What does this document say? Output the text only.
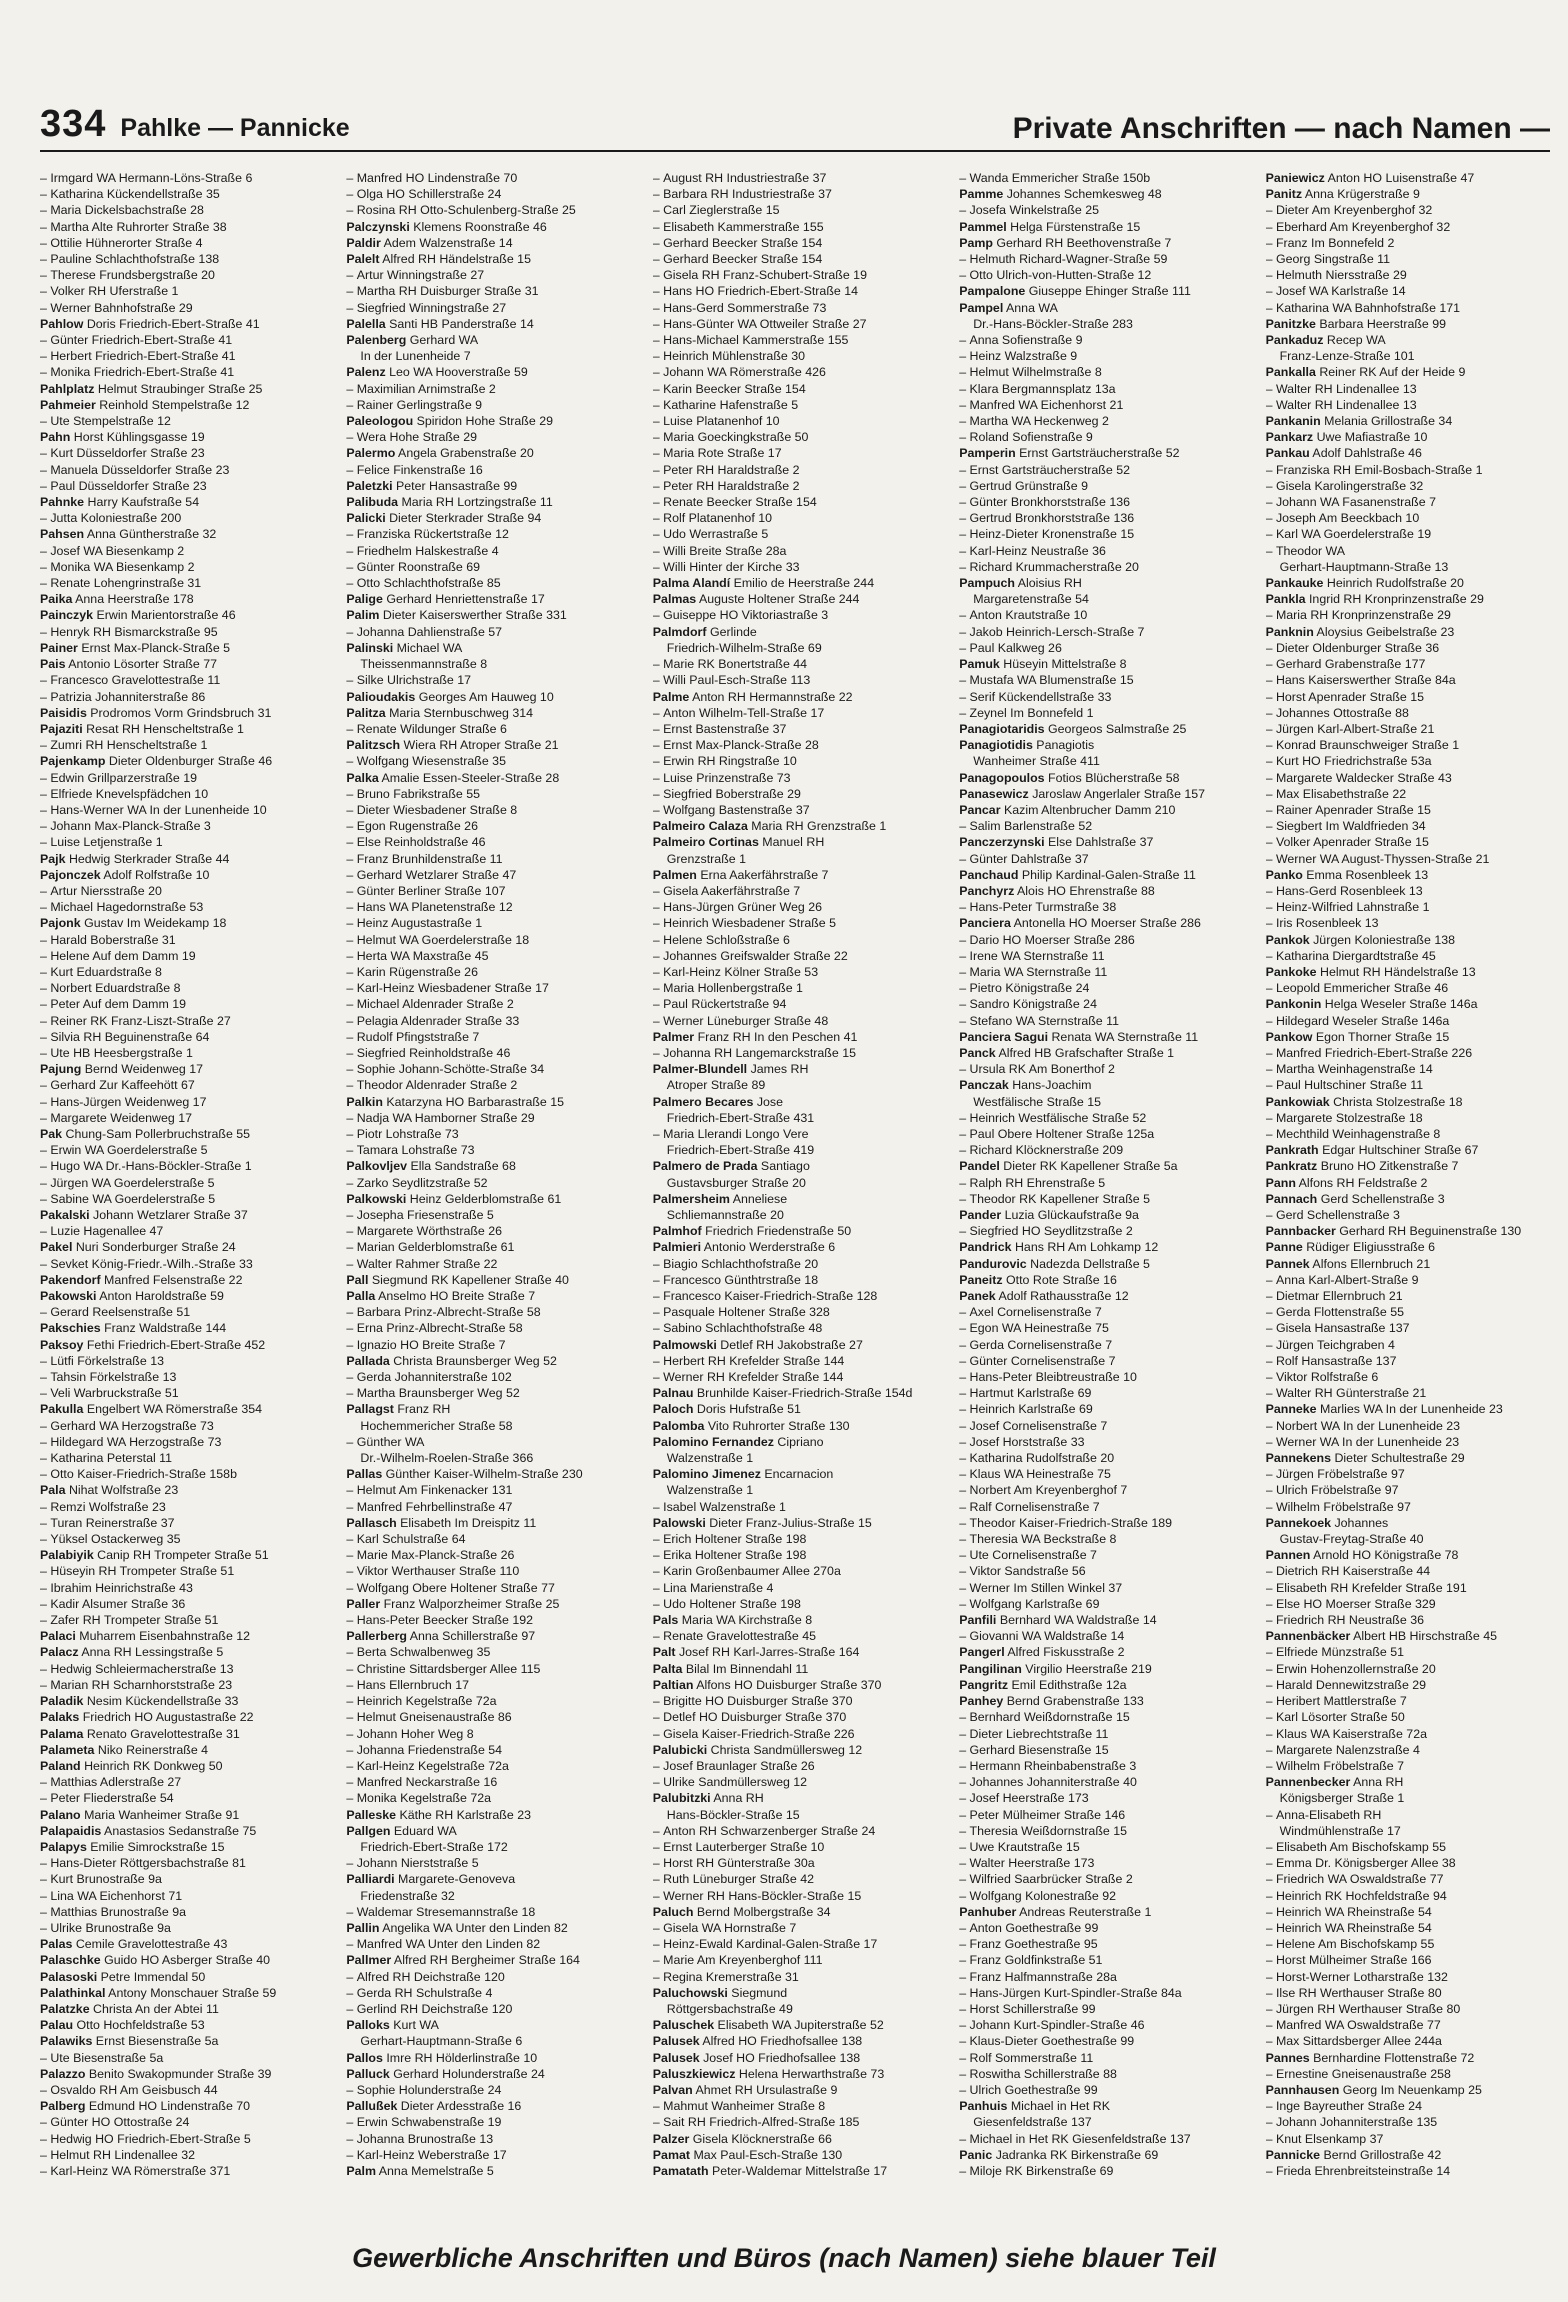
334 Pahlke — Pannicke	Private Anschriften — nach Namen —
– Irmgard WA Hermann-Löns-Straße 6
– Katharina Kückendellstraße 35
– Maria Dickelsbachstraße 28
– Martha Alte Ruhrorter Straße 38
– Ottilie Hühnerorter Straße 4
– Pauline Schlachthofstraße 138
– Therese Frundsbergstraße 20
– Volker RH Uferstraße 1
– Werner Bahnhofstraße 29
Pahlow Doris Friedrich-Ebert-Straße 41
– Günter Friedrich-Ebert-Straße 41
– Herbert Friedrich-Ebert-Straße 41
– Monika Friedrich-Ebert-Straße 41
Pahlplatz Helmut Straubinger Straße 25
Pahmeier Reinhold Stempelstraße 12
– Ute Stempelstraße 12
Pahn Horst Kühlingsgasse 19
– Kurt Düsseldorfer Straße 23
– Manuela Düsseldorfer Straße 23
– Paul Düsseldorfer Straße 23
Pahnke Harry Kaufstraße 54
– Jutta Koloniestraße 200
Pahsen Anna Güntherstraße 32
– Josef WA Biesenkamp 2
– Monika WA Biesenkamp 2
– Renate Lohengrinstraße 31
Paika Anna Heerstraße 178
Painczyk Erwin Marientorstraße 46
– Henryk RH Bismarckstraße 95
Painer Ernst Max-Planck-Straße 5
Pais Antonio Lösorter Straße 77
– Francesco Gravelottestraße 11
– Patrizia Johanniterstraße 86
Paisidis Prodromos Vorm Grindsbruch 31
Pajaziti Resat RH Henscheltstraße 1
– Zumri RH Henscheltstraße 1
Pajenkamp Dieter Oldenburger Straße 46
– Edwin Grillparzerstraße 19
– Elfriede Knevelspfädchen 10
– Hans-Werner WA In der Lunenheide 10
– Johann Max-Planck-Straße 3
– Luise Letjenstraße 1
Pajk Hedwig Sterkrader Straße 44
Pajonczek Adolf Rolfstraße 10
– Artur Niersstraße 20
– Michael Hagedornstraße 53
Pajonk Gustav Im Weidekamp 18
– Harald Boberstraße 31
– Helene Auf dem Damm 19
– Kurt Eduardstraße 8
– Norbert Eduardstraße 8
– Peter Auf dem Damm 19
– Reiner RK Franz-Liszt-Straße 27
– Silvia RH Beguinenstraße 64
– Ute HB Heesbergstraße 1
Pajung Bernd Weidenweg 17
– Gerhard Zur Kaffeehött 67
– Hans-Jürgen Weidenweg 17
– Margarete Weidenweg 17
Pak Chung-Sam Pollerbruchstraße 55
– Erwin WA Goerdelerstraße 5
– Hugo WA Dr.-Hans-Böckler-Straße 1
– Jürgen WA Goerdelerstraße 5
– Sabine WA Goerdelerstraße 5
Pakalski Johann Wetzlarer Straße 37
– Luzie Hagenallee 47
Pakel Nuri Sonderburger Straße 24
– Sevket König-Friedr.-Wilh.-Straße 33
Pakendorf Manfred Felsenstraße 22
Pakowski Anton Haroldstraße 59
– Gerard Reelsenstraße 51
Pakschies Franz Waldstraße 144
Paksoy Fethi Friedrich-Ebert-Straße 452
– Lütfi Förkelstraße 13
– Tahsin Förkelstraße 13
– Veli Warbruckstraße 51
Pakulla Engelbert WA Römerstraße 354
– Gerhard WA Herzogstraße 73
– Hildegard WA Herzogstraße 73
– Katharina Peterstal 11
– Otto Kaiser-Friedrich-Straße 158b
Pala Nihat Wolfstraße 23
– Remzi Wolfstraße 23
– Turan Reinerstraße 37
– Yüksel Ostackerweg 35
Palabiyik Canip RH Trompeter Straße 51
– Hüseyin RH Trompeter Straße 51
– Ibrahim Heinrichstraße 43
– Kadir Alsumer Straße 36
– Zafer RH Trompeter Straße 51
Palaci Muharrem Eisenbahnstraße 12
Palacz Anna RH Lessingstraße 5
– Hedwig Schleiermacherstraße 13
– Marian RH Scharnhorststraße 23
Paladik Nesim Kückendellstraße 33
Palaks Friedrich HO Augustastraße 22
Palama Renato Gravelottestraße 31
Palameta Niko Reinerstraße 4
Paland Heinrich RK Donkweg 50
– Matthias Adlerstraße 27
– Peter Fliederstraße 54
Palano Maria Wanheimer Straße 91
Palapaidis Anastasios Sedanstraße 75
Palapys Emilie Simrockstraße 15
– Hans-Dieter Röttgersbachstraße 81
– Kurt Brunostraße 9a
– Lina WA Eichenhorst 71
– Matthias Brunostraße 9a
– Ulrike Brunostraße 9a
Palas Cemile Gravelottestraße 43
Palaschke Guido HO Asberger Straße 40
Palasoski Petre Immendal 50
Palathinkal Antony Monschauer Straße 59
Palatzke Christa An der Abtei 11
Palau Otto Hochfeldstraße 53
Palawiks Ernst Biesenstraße 5a
– Ute Biesenstraße 5a
Palazzo Benito Swakopmunder Straße 39
– Osvaldo RH Am Geisbusch 44
Palberg Edmund HO Lindenstraße 70
– Günter HO Ottostraße 24
– Hedwig HO Friedrich-Ebert-Straße 5
– Helmut RH Lindenallee 32
– Karl-Heinz WA Römerstraße 371
– Manfred HO Lindenstraße 70
– Olga HO Schillerstraße 24
– Rosina RH Otto-Schulenberg-Straße 25
Palczynski Klemens Roonstraße 46
Paldir Adem Walzenstraße 14
Palelt Alfred RH Händelstraße 15
– Artur Winningstraße 27
– Martha RH Duisburger Straße 31
– Siegfried Winningstraße 27
Palella Santi HB Panderstraße 14
Palenberg Gerhard WA
In der Lunenheide 7
Palenz Leo WA Hooverstraße 59
– Maximilian Arnimstraße 2
– Rainer Gerlingstraße 9
Paleologou Spiridon Hohe Straße 29
– Wera Hohe Straße 29
Palermo Angela Grabenstraße 20
– Felice Finkenstraße 16
Paletzki Peter Hansastraße 99
Palibuda Maria RH Lortzingstraße 11
Palicki Dieter Sterkrader Straße 94
– Franziska Rückertstraße 12
– Friedhelm Halskestraße 4
– Günter Roonstraße 69
– Otto Schlachthofstraße 85
Palige Gerhard Henriettenstraße 17
Palim Dieter Kaiserswerther Straße 331
– Johanna Dahlienstraße 57
Palinski Michael WA
Theissenmannstraße 8
– Silke Ulrichstraße 17
Palioudakis Georges Am Hauweg 10
Palitza Maria Sternbuschweg 314
– Renate Wildunger Straße 6
Palitzsch Wiera RH Atroper Straße 21
– Wolfgang Wiesenstraße 35
Palka Amalie Essen-Steeler-Straße 28
– Bruno Fabrikstraße 55
– Dieter Wiesbadener Straße 8
– Egon Rugenstraße 26
– Else Reinholdstraße 46
– Franz Brunhildenstraße 11
– Gerhard Wetzlarer Straße 47
– Günter Berliner Straße 107
– Hans WA Planetenstraße 12
– Heinz Augustastraße 1
– Helmut WA Goerdelerstraße 18
– Herta WA Maxstraße 45
– Karin Rügenstraße 26
– Karl-Heinz Wiesbadener Straße 17
– Michael Aldenrader Straße 2
– Pelagia Aldenrader Straße 33
– Rudolf Pfingststraße 7
– Siegfried Reinholdstraße 46
– Sophie Johann-Schötte-Straße 34
– Theodor Aldenrader Straße 2
Palkin Katarzyna HO Barbarastraße 15
– Nadja WA Hamborner Straße 29
– Piotr Lohstraße 73
– Tamara Lohstraße 73
Palkovljev Ella Sandstraße 68
– Zarko Seydlitzstraße 52
Palkowski Heinz Gelderblomstraße 61
– Josepha Friesenstraße 5
– Margarete Wörthstraße 26
– Marian Gelderblomstraße 61
– Walter Rahmer Straße 22
Pall Siegmund RK Kapellener Straße 40
Palla Anselmo HO Breite Straße 7
– Barbara Prinz-Albrecht-Straße 58
– Erna Prinz-Albrecht-Straße 58
– Ignazio HO Breite Straße 7
Pallada Christa Braunsberger Weg 52
– Gerda Johanniterstraße 102
– Martha Braunsberger Weg 52
Pallagst Franz RH
Hochemmericher Straße 58
– Günther WA
Dr.-Wilhelm-Roelen-Straße 366
Pallas Günther Kaiser-Wilhelm-Straße 230
– Helmut Am Finkenacker 131
– Manfred Fehrbellinstraße 47
Pallasch Elisabeth Im Dreispitz 11
– Karl Schulstraße 64
– Marie Max-Planck-Straße 26
– Viktor Werthauser Straße 110
– Wolfgang Obere Holtener Straße 77
Paller Franz Walporzheimer Straße 25
– Hans-Peter Beecker Straße 192
Pallerberg Anna Schillerstraße 97
– Berta Schwalbenweg 35
– Christine Sittardsberger Allee 115
– Hans Ellernbruch 17
– Heinrich Kegelstraße 72a
– Helmut Gneisenaustraße 86
– Johann Hoher Weg 8
– Johanna Friedenstraße 54
– Karl-Heinz Kegelstraße 72a
– Manfred Neckarstraße 16
– Monika Kegelstraße 72a
Palleske Käthe RH Karlstraße 23
Pallgen Eduard WA
Friedrich-Ebert-Straße 172
– Johann Nierststraße 5
Palliardi Margarete-Genoveva
Friedenstraße 32
– Waldemar Stresemannstraße 18
Pallin Angelika WA Unter den Linden 82
– Manfred WA Unter den Linden 82
Pallmer Alfred RH Bergheimer Straße 164
– Alfred RH Deichstraße 120
– Gerda RH Schulstraße 4
– Gerlind RH Deichstraße 120
Palloks Kurt WA
Gerhart-Hauptmann-Straße 6
Pallos Imre RH Hölderlinstraße 10
Palluck Gerhard Holunderstraße 24
– Sophie Holunderstraße 24
Pallußek Dieter Ardesstraße 16
– Erwin Schwabenstraße 19
– Johanna Brunostraße 13
– Karl-Heinz Weberstraße 17
Palm Anna Memelstraße 5
– August RH Industriestraße 37
– Barbara RH Industriestraße 37
– Carl Zieglerstraße 15
– Elisabeth Kammerstraße 155
– Gerhard Beecker Straße 154
– Gerhard Beecker Straße 154
– Gisela RH Franz-Schubert-Straße 19
– Hans HO Friedrich-Ebert-Straße 14
– Hans-Gerd Sommerstraße 73
– Hans-Günter WA Ottweiler Straße 27
– Hans-Michael Kammerstraße 155
– Heinrich Mühlenstraße 30
– Johann WA Römerstraße 426
– Karin Beecker Straße 154
– Katharine Hafenstraße 5
– Luise Platanenhof 10
– Maria Goeckingkstraße 50
– Maria Rote Straße 17
– Peter RH Haraldstraße 2
– Peter RH Haraldstraße 2
– Renate Beecker Straße 154
– Rolf Platanenhof 10
– Udo Werrastraße 5
– Willi Breite Straße 28a
– Willi Hinter der Kirche 33
Palma Alandí Emilio de Heerstraße 244
Palmas Auguste Holtener Straße 244
– Guiseppe HO Viktoriastraße 3
Palmdorf Gerlinde
Friedrich-Wilhelm-Straße 69
– Marie RK Bonertstraße 44
– Willi Paul-Esch-Straße 113
Palme Anton RH Hermannstraße 22
– Anton Wilhelm-Tell-Straße 17
– Ernst Bastenstraße 37
– Ernst Max-Planck-Straße 28
– Erwin RH Ringstraße 10
– Luise Prinzenstraße 73
– Siegfried Boberstraße 29
– Wolfgang Bastenstraße 37
Palmeiro Calaza Maria RH Grenzstraße 1
Palmeiro Cortinas Manuel RH
Grenzstraße 1
Palmen Erna Aakerfährstraße 7
– Gisela Aakerfährstraße 7
– Hans-Jürgen Grüner Weg 26
– Heinrich Wiesbadener Straße 5
– Helene Schloßstraße 6
– Johannes Greifswalder Straße 22
– Karl-Heinz Kölner Straße 53
– Maria Hollenbergstraße 1
– Paul Rückertstraße 94
– Werner Lüneburger Straße 48
Palmer Franz RH In den Peschen 41
– Johanna RH Langemarckstraße 15
Palmer-Blundell James RH
Atroper Straße 89
Palmero Becares Jose
Friedrich-Ebert-Straße 431
– Maria Llerandi Longo Vere
Friedrich-Ebert-Straße 419
Palmero de Prada Santiago
Gustavsburger Straße 20
Palmersheim Anneliese
Schliemannstraße 20
Palmhof Friedrich Friedenstraße 50
Palmieri Antonio Werderstraße 6
– Biagio Schlachthofstraße 20
– Francesco Günthtrstraße 18
– Francesco Kaiser-Friedrich-Straße 128
– Pasquale Holtener Straße 328
– Sabino Schlachthofstraße 48
Palmowski Detlef RH Jakobstraße 27
– Herbert RH Krefelder Straße 144
– Werner RH Krefelder Straße 144
Palnau Brunhilde Kaiser-Friedrich-Straße 154d
Paloch Doris Hufstraße 51
Palomba Vito Ruhrorter Straße 130
Palomino Fernandez Cipriano
Walzenstraße 1
Palomino Jimenez Encarnacion
Walzenstraße 1
– Isabel Walzenstraße 1
Palowski Dieter Franz-Julius-Straße 15
– Erich Holtener Straße 198
– Erika Holtener Straße 198
– Karin Großenbaumer Allee 270a
– Lina Marienstraße 4
– Udo Holtener Straße 198
Pals Maria WA Kirchstraße 8
– Renate Gravelottestraße 45
Palt Josef RH Karl-Jarres-Straße 164
Palta Bilal Im Binnendahl 11
Paltian Alfons HO Duisburger Straße 370
– Brigitte HO Duisburger Straße 370
– Detlef HO Duisburger Straße 370
– Gisela Kaiser-Friedrich-Straße 226
Palubicki Christa Sandmüllersweg 12
– Josef Braunlager Straße 26
– Ulrike Sandmüllersweg 12
Palubitzki Anna RH
Hans-Böckler-Straße 15
– Anton RH Schwarzenberger Straße 24
– Ernst Lauterberger Straße 10
– Horst RH Günterstraße 30a
– Ruth Lüneburger Straße 42
– Werner RH Hans-Böckler-Straße 15
Paluch Bernd Molbergstraße 34
– Gisela WA Hornstraße 7
– Heinz-Ewald Kardinal-Galen-Straße 17
– Marie Am Kreyenberghof 111
– Regina Kremerstraße 31
Paluchowski Siegmund
Röttgersbachstraße 49
Paluschek Elisabeth WA Jupiterstraße 52
Palusek Alfred HO Friedhofsallee 138
Palusek Josef HO Friedhofsallee 138
Paluszkiewicz Helena Herwarthstraße 73
Palvan Ahmet RH Ursulastraße 9
– Mahmut Wanheimer Straße 8
– Sait RH Friedrich-Alfred-Straße 185
Palzer Gisela Klöcknerstraße 66
Pamat Max Paul-Esch-Straße 130
Pamatath Peter-Waldemar Mittelstraße 17
– Wanda Emmericher Straße 150b
Pamme Johannes Schemkesweg 48
– Josefa Winkelstraße 25
Pammel Helga Fürstenstraße 15
Pamp Gerhard RH Beethovenstraße 7
– Helmuth Richard-Wagner-Straße 59
– Otto Ulrich-von-Hutten-Straße 12
Pampalone Giuseppe Ehinger Straße 111
Pampel Anna WA
Dr.-Hans-Böckler-Straße 283
– Anna Sofienstraße 9
– Heinz Walzstraße 9
– Helmut Wilhelmstraße 8
– Klara Bergmannsplatz 13a
– Manfred WA Eichenhorst 21
– Martha WA Heckenweg 2
– Roland Sofienstraße 9
Pamperin Ernst Gartsträucherstraße 52
– Ernst Gartsträucherstraße 52
– Gertrud Grünstraße 9
– Günter Bronkhorststraße 136
– Gertrud Bronkhorststraße 136
– Heinz-Dieter Kronenstraße 15
– Karl-Heinz Neustraße 36
– Richard Krummacherstraße 20
Pampuch Aloisius RH
Margaretenstraße 54
– Anton Krautstraße 10
– Jakob Heinrich-Lersch-Straße 7
– Paul Kalkweg 26
Pamuk Hüseyin Mittelstraße 8
– Mustafa WA Blumenstraße 15
– Serif Kückendellstraße 33
– Zeynel Im Bonnefeld 1
Panagiotaridis Georgeos Salmstraße 25
Panagiotidis Panagiotis
Wanheimer Straße 411
Panagopoulos Fotios Blücherstraße 58
Panasewicz Jaroslaw Angerlaler Straße 157
Pancar Kazim Altenbrucher Damm 210
– Salim Barlenstraße 52
Panczerzynski Else Dahlstraße 37
– Günter Dahlstraße 37
Panchaud Philip Kardinal-Galen-Straße 11
Panchyrz Alois HO Ehrenstraße 88
– Hans-Peter Turmstraße 38
Panciera Antonella HO Moerser Straße 286
– Dario HO Moerser Straße 286
– Irene WA Sternstraße 11
– Maria WA Sternstraße 11
– Pietro Königstraße 24
– Sandro Königstraße 24
– Stefano WA Sternstraße 11
Panciera Sagui Renata WA Sternstraße 11
Panck Alfred HB Grafschafter Straße 1
– Ursula RK Am Bonerthof 2
Panczak Hans-Joachim
Westfälische Straße 15
– Heinrich Westfälische Straße 52
– Paul Obere Holtener Straße 125a
– Richard Klöcknerstraße 209
Pandel Dieter RK Kapellener Straße 5a
– Ralph RH Ehrenstraße 5
– Theodor RK Kapellener Straße 5
Pander Luzia Glückaufstraße 9a
– Siegfried HO Seydlitzstraße 2
Pandrick Hans RH Am Lohkamp 12
Pandurovic Nadezda Dellstraße 5
Paneitz Otto Rote Straße 16
Panek Adolf Rathausstraße 12
– Axel Cornelisenstraße 7
– Egon WA Heinestraße 75
– Gerda Cornelisenstraße 7
– Günter Cornelisenstraße 7
– Hans-Peter Bleibtreustraße 10
– Hartmut Karlstraße 69
– Heinrich Karlstraße 69
– Josef Cornelisenstraße 7
– Josef Horststraße 33
– Katharina Rudolfstraße 20
– Klaus WA Heinestraße 75
– Norbert Am Kreyenberghof 7
– Ralf Cornelisenstraße 7
– Theodor Kaiser-Friedrich-Straße 189
– Theresia WA Beckstraße 8
– Ute Cornelisenstraße 7
– Viktor Sandstraße 56
– Werner Im Stillen Winkel 37
– Wolfgang Karlstraße 69
Panfili Bernhard WA Waldstraße 14
– Giovanni WA Waldstraße 14
Pangerl Alfred Fiskusstraße 2
Pangilinan Virgilio Heerstraße 219
Pangritz Emil Edithstraße 12a
Panhey Bernd Grabenstraße 133
– Bernhard Weißdornstraße 15
– Dieter Liebrechtstraße 11
– Gerhard Biesenstraße 15
– Hermann Rheinbabenstraße 3
– Johannes Johanniterstraße 40
– Josef Heerstraße 173
– Peter Mülheimer Straße 146
– Theresia Weißdornstraße 15
– Uwe Krautstraße 15
– Walter Heerstraße 173
– Wilfried Saarbrücker Straße 2
– Wolfgang Kolonestraße 92
Panhuber Andreas Reuterstraße 1
– Anton Goethestraße 99
– Franz Goethestraße 95
– Franz Goldfinkstraße 51
– Franz Halfmannstraße 28a
– Hans-Jürgen Kurt-Spindler-Straße 84a
– Horst Schillerstraße 99
– Johann Kurt-Spindler-Straße 46
– Klaus-Dieter Goethestraße 99
– Rolf Sommerstraße 11
– Roswitha Schillerstraße 88
– Ulrich Goethestraße 99
Panhuis Michael in Het RK
Giesenfeldstraße 137
– Michael in Het RK Giesenfeldstraße 137
Panic Jadranka RK Birkenstraße 69
– Miloje RK Birkenstraße 69
Paniewicz Anton HO Luisenstraße 47
Panitz Anna Krügerstraße 9
– Dieter Am Kreyenberghof 32
– Eberhard Am Kreyenberghof 32
– Franz Im Bonnefeld 2
– Georg Singstraße 11
– Helmuth Niersstraße 29
– Josef WA Karlstraße 14
– Katharina WA Bahnhofstraße 171
Panitzke Barbara Heerstraße 99
Pankaduz Recep WA
Franz-Lenze-Straße 101
Pankalla Reiner RK Auf der Heide 9
– Walter RH Lindenallee 13
– Walter RH Lindenallee 13
Pankanin Melania Grillostraße 34
Pankarz Uwe Mafiastraße 10
Pankau Adolf Dahlstraße 46
– Franziska RH Emil-Bosbach-Straße 1
– Gisela Karolingerstraße 32
– Johann WA Fasanenstraße 7
– Joseph Am Beeckbach 10
– Karl WA Goerdelerstraße 19
– Theodor WA
Gerhart-Hauptmann-Straße 13
Pankauke Heinrich Rudolfstraße 20
Pankla Ingrid RH Kronprinzenstraße 29
– Maria RH Kronprinzenstraße 29
Panknin Aloysius Geibelstraße 23
– Dieter Oldenburger Straße 36
– Gerhard Grabenstraße 177
– Hans Kaiserswerther Straße 84a
– Horst Apenrader Straße 15
– Johannes Ottostraße 88
– Jürgen Karl-Albert-Straße 21
– Konrad Braunschweiger Straße 1
– Kurt HO Friedrichstraße 53a
– Margarete Waldecker Straße 43
– Max Elisabethstraße 22
– Rainer Apenrader Straße 15
– Siegbert Im Waldfrieden 34
– Volker Apenrader Straße 15
– Werner WA August-Thyssen-Straße 21
Panko Emma Rosenbleek 13
– Hans-Gerd Rosenbleek 13
– Heinz-Wilfried Lahnstraße 1
– Iris Rosenbleek 13
Pankok Jürgen Koloniestraße 138
– Katharina Diergardtstraße 45
Pankoke Helmut RH Händelstraße 13
– Leopold Emmericher Straße 46
Pankonin Helga Weseler Straße 146a
– Hildegard Weseler Straße 146a
Pankow Egon Thorner Straße 15
– Manfred Friedrich-Ebert-Straße 226
– Martha Weinhagenstraße 14
– Paul Hultschiner Straße 11
Pankowiak Christa Stolzestraße 18
– Margarete Stolzestraße 18
– Mechthild Weinhagenstraße 8
Pankrath Edgar Hultschiner Straße 67
Pankratz Bruno HO Zitkenstraße 7
Pann Alfons RH Feldstraße 2
Pannach Gerd Schellenstraße 3
– Gerd Schellenstraße 3
Pannbacker Gerhard RH Beguinenstraße 130
Panne Rüdiger Eligiusstraße 6
Pannek Alfons Ellernbruch 21
– Anna Karl-Albert-Straße 9
– Dietmar Ellernbruch 21
– Gerda Flottenstraße 55
– Gisela Hansastraße 137
– Jürgen Teichgraben 4
– Rolf Hansastraße 137
– Viktor Rolfstraße 6
– Walter RH Günterstraße 21
Panneke Marlies WA In der Lunenheide 23
– Norbert WA In der Lunenheide 23
– Werner WA In der Lunenheide 23
Pannekens Dieter Schultestraße 29
– Jürgen Fröbelstraße 97
– Ulrich Fröbelstraße 97
– Wilhelm Fröbelstraße 97
Pannekoek Johannes
Gustav-Freytag-Straße 40
Pannen Arnold HO Königstraße 78
– Dietrich RH Kaiserstraße 44
– Elisabeth RH Krefelder Straße 191
– Else HO Moerser Straße 329
– Friedrich RH Neustraße 36
Pannenbäcker Albert HB Hirschstraße 45
– Elfriede Münzstraße 51
– Erwin Hohenzollernstraße 20
– Harald Dennewitzstraße 29
– Heribert Mattlerstraße 7
– Karl Lösorter Straße 50
– Klaus WA Kaiserstraße 72a
– Margarete Nalenzstraße 4
– Wilhelm Fröbelstraße 7
Pannenbecker Anna RH
Königsberger Straße 1
– Anna-Elisabeth RH
Windmühlenstraße 17
– Elisabeth Am Bischofskamp 55
– Emma Dr. Königsberger Allee 38
– Friedrich WA Oswaldstraße 77
– Heinrich RK Hochfeldstraße 94
– Heinrich WA Rheinstraße 54
– Heinrich WA Rheinstraße 54
– Helene Am Bischofskamp 55
– Horst Mülheimer Straße 166
– Horst-Werner Lotharstraße 132
– Ilse RH Werthauser Straße 80
– Jürgen RH Werthauser Straße 80
– Manfred WA Oswaldstraße 77
– Max Sittardsberger Allee 244a
Pannes Bernhardine Flottenstraße 72
– Ernestine Gneisenaustraße 258
Pannhausen Georg Im Neuenkamp 25
– Inge Bayreuther Straße 24
– Johann Johanniterstraße 135
– Knut Elsenkamp 37
Pannicke Bernd Grillostraße 42
– Frieda Ehrenbreitsteinstraße 14
Gewerbliche Anschriften und Büros (nach Namen) siehe blauer Teil
